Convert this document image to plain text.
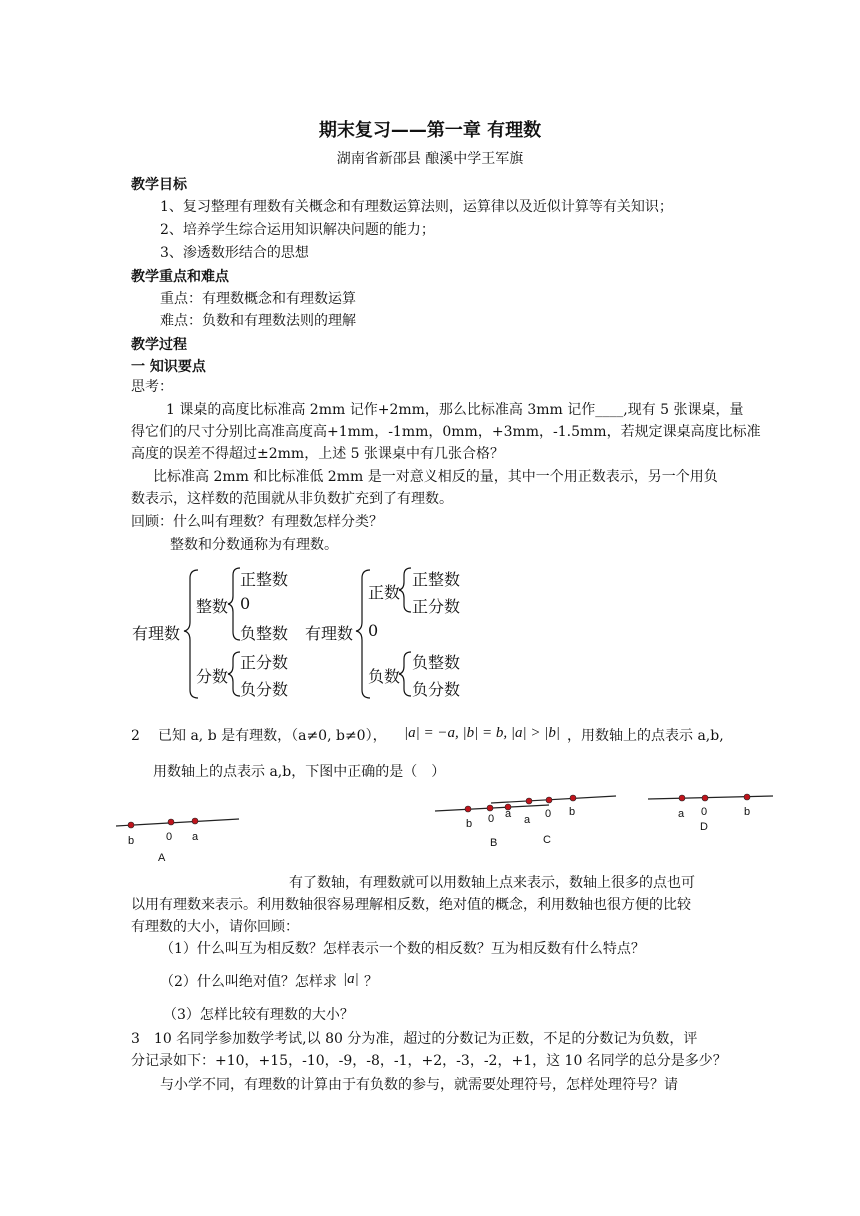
期末复习——第一章 有理数
湖南省新邵县 酿溪中学王军旗
教学目标
1、复习整理有理数有关概念和有理数运算法则，运算律以及近似计算等有关知识；
2、培养学生综合运用知识解决问题的能力；
3、渗透数形结合的思想
教学重点和难点
重点：有理数概念和有理数运算
难点：负数和有理数法则的理解
教学过程
一 知识要点
思考：
1 课桌的高度比标准高 2mm 记作+2mm，那么比标准高 3mm 记作____,现有 5 张课桌，量
得它们的尺寸分别比高准高度高+1mm，-1mm，0mm，+3mm，-1.5mm，若规定课桌高度比标准
高度的误差不得超过±2mm，上述 5 张课桌中有几张合格？
比标准高 2mm 和比标准低 2mm 是一对意义相反的量，其中一个用正数表示，另一个用负
数表示，这样数的范围就从非负数扩充到了有理数。
回顾：什么叫有理数？有理数怎样分类？
整数和分数通称为有理数。
有理数
整数
正整数
0
负整数
分数
正分数
负分数
有理数
正数
正整数
正分数
0
负数
负整数
负分数
2 已知 a, b 是有理数，（a≠0, b≠0）， |a| = −a, |b| = b, |a| > |b| ，用数轴上的点表示 a,b,
用数轴上的点表示 a,b，下图中正确的是（　）
b	0 a
A
b 0 a
B
a 0 b
C
a 0	b
D
有了数轴，有理数就可以用数轴上点来表示，数轴上很多的点也可
以用有理数来表示。利用数轴很容易理解相反数，绝对值的概念，利用数轴也很方便的比较
有理数的大小，请你回顾：
（1）什么叫互为相反数？怎样表示一个数的相反数？互为相反数有什么特点？
（2）什么叫绝对值？怎样求 |a| ？
（3）怎样比较有理数的大小？
3　10 名同学参加数学考试,以 80 分为准，超过的分数记为正数，不足的分数记为负数，评
分记录如下：+10，+15，-10，-9，-8，-1，+2，-3，-2，+1，这 10 名同学的总分是多少？
与小学不同，有理数的计算由于有负数的参与，就需要处理符号，怎样处理符号？请
